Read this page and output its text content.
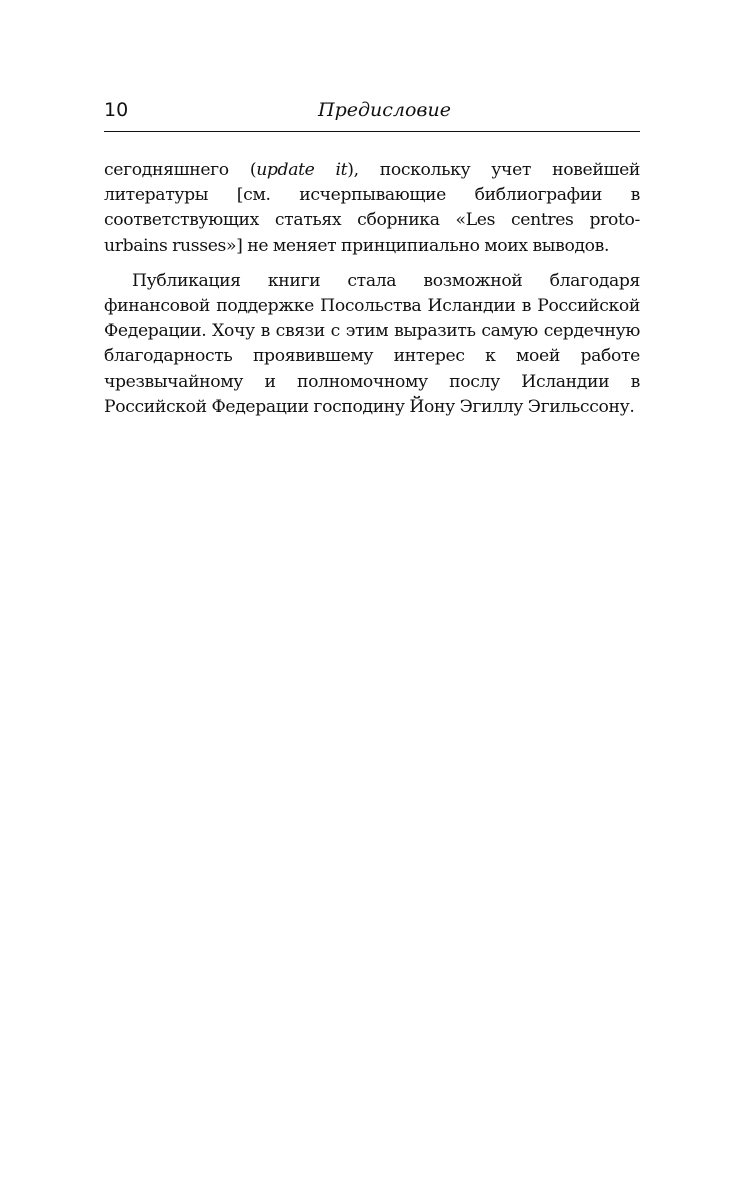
10	Предисловие

сегодняшнего (update it), поскольку учет новейшей литературы [см. исчерпывающие библиографии в соответствующих статьях сборника «Les centres proto-urbains russes»] не меняет принципиально моих выводов.

Публикация книги стала возможной благодаря финансовой поддержке Посольства Исландии в Российской Федерации. Хочу в связи с этим выразить самую сердечную благодарность проявившему интерес к моей работе чрезвычайному и полномочному послу Исландии в Российской Федерации господину Йону Эгиллу Эгильссону.
